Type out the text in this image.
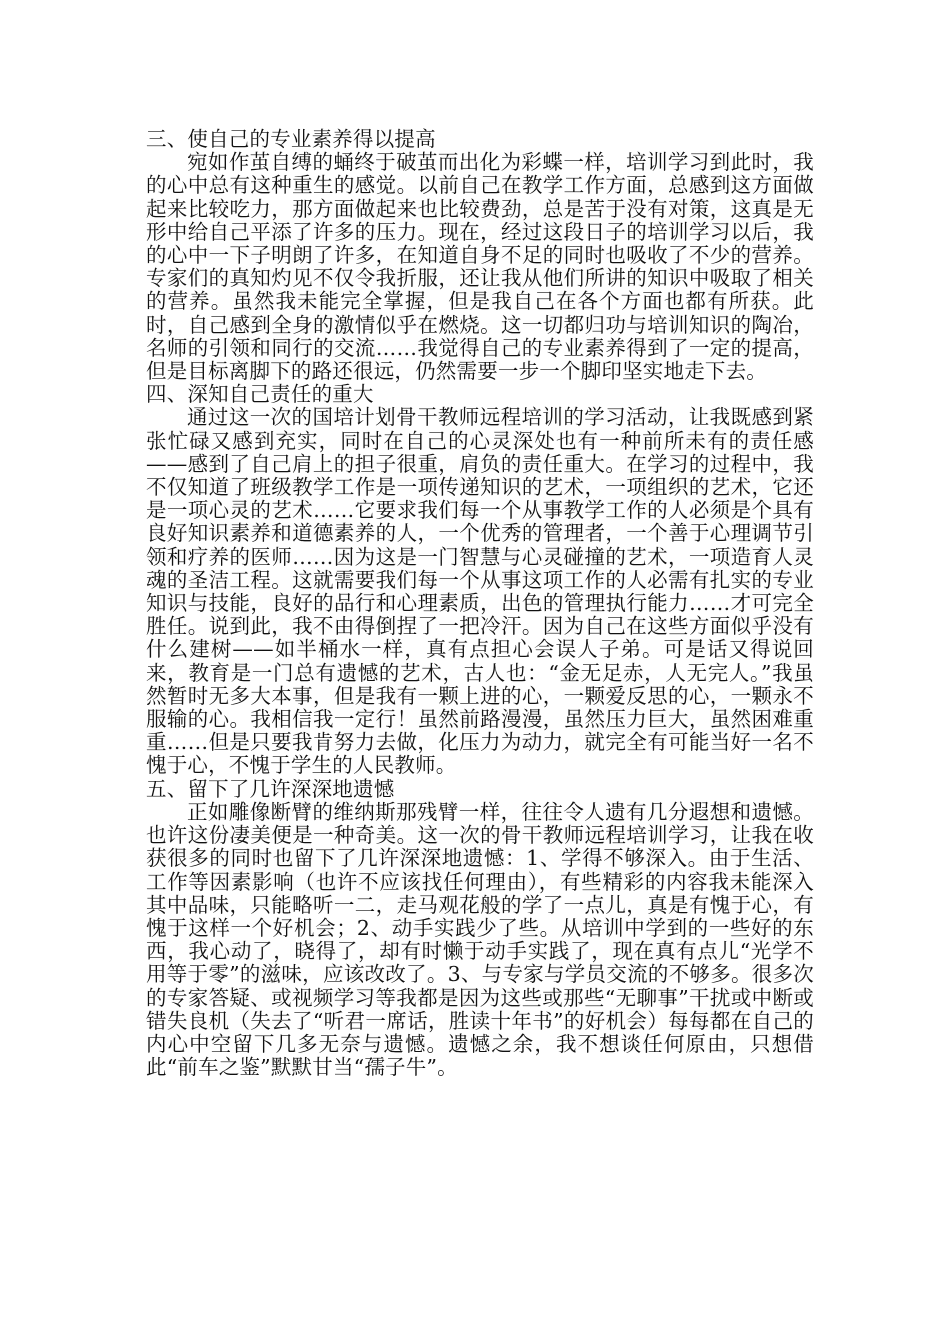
三、使自己的专业素养得以提高

宛如作茧自缚的蛹终于破茧而出化为彩蝶一样，培训学习到此时，我的心中总有这种重生的感觉。以前自己在教学工作方面，总感到这方面做起来比较吃力，那方面做起来也比较费劲，总是苦于没有对策，这真是无形中给自己平添了许多的压力。现在，经过这段日子的培训学习以后，我的心中一下子明朗了许多，在知道自身不足的同时也吸收了不少的营养。专家们的真知灼见不仅令我折服，还让我从他们所讲的知识中吸取了相关的营养。虽然我未能完全掌握，但是我自己在各个方面也都有所获。此时，自己感到全身的激情似乎在燃烧。这一切都归功与培训知识的陶冶，名师的引领和同行的交流……我觉得自己的专业素养得到了一定的提高，但是目标离脚下的路还很远，仍然需要一步一个脚印坚实地走下去。

四、深知自己责任的重大

通过这一次的国培计划骨干教师远程培训的学习活动，让我既感到紧张忙碌又感到充实，同时在自己的心灵深处也有一种前所未有的责任感——感到了自己肩上的担子很重，肩负的责任重大。在学习的过程中，我不仅知道了班级教学工作是一项传递知识的艺术，一项组织的艺术，它还是一项心灵的艺术……它要求我们每一个从事教学工作的人必须是个具有良好知识素养和道德素养的人，一个优秀的管理者，一个善于心理调节引领和疗养的医师……因为这是一门智慧与心灵碰撞的艺术，一项造育人灵魂的圣洁工程。这就需要我们每一个从事这项工作的人必需有扎实的专业知识与技能，良好的品行和心理素质，出色的管理执行能力……才可完全胜任。说到此，我不由得倒捏了一把冷汗。因为自己在这些方面似乎没有什么建树——如半桶水一样，真有点担心会误人子弟。可是话又得说回来，教育是一门总有遗憾的艺术，古人也：“金无足赤，人无完人。”我虽然暂时无多大本事，但是我有一颗上进的心，一颗爱反思的心，一颗永不服输的心。我相信我一定行！虽然前路漫漫，虽然压力巨大，虽然困难重重……但是只要我肯努力去做，化压力为动力，就完全有可能当好一名不愧于心，不愧于学生的人民教师。

五、留下了几许深深地遗憾

正如雕像断臂的维纳斯那残臂一样，往往令人遗有几分遐想和遗憾。也许这份凄美便是一种奇美。这一次的骨干教师远程培训学习，让我在收获很多的同时也留下了几许深深地遗憾：1、学得不够深入。由于生活、工作等因素影响（也许不应该找任何理由），有些精彩的内容我未能深入其中品味，只能略听一二，走马观花般的学了一点儿，真是有愧于心，有愧于这样一个好机会；2、动手实践少了些。从培训中学到的一些好的东西，我心动了，晓得了，却有时懒于动手实践了，现在真有点儿“光学不用等于零”的滋味，应该改改了。3、与专家与学员交流的不够多。很多次的专家答疑、或视频学习等我都是因为这些或那些“无聊事”干扰或中断或错失良机（失去了“听君一席话，胜读十年书”的好机会）每每都在自己的内心中空留下几多无奈与遗憾。遗憾之余，我不想谈任何原由，只想借此“前车之鉴”默默甘当“孺子牛”。
